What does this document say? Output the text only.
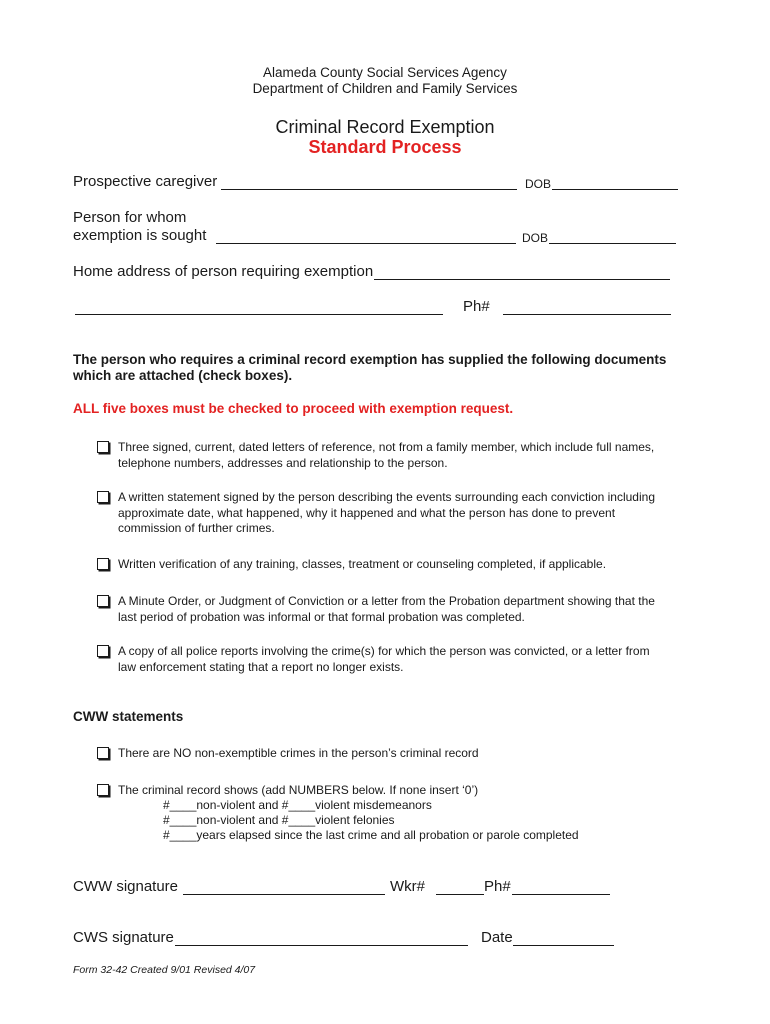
Alameda County Social Services Agency
Department of Children and Family Services
Criminal Record Exemption
Standard Process
Prospective caregiver	DOB
Person for whom
exemption is sought	DOB
Home address of person requiring exemption
Ph#
The person who requires a criminal record exemption has supplied the following documents
which are attached (check boxes).
ALL five boxes must be checked to proceed with exemption request.
Three signed, current, dated letters of reference, not from a family member, which include full names,
telephone numbers, addresses and relationship to the person.
A written statement signed by the person describing the events surrounding each conviction including
approximate date, what happened, why it happened and what the person has done to prevent
commission of further crimes.
Written verification of any training, classes, treatment or counseling completed, if applicable.
A Minute Order, or Judgment of Conviction or a letter from the Probation department showing that the
last period of probation was informal or that formal probation was completed.
A copy of all police reports involving the crime(s) for which the person was convicted, or a letter from
law enforcement stating that a report no longer exists.
CWW statements
There are NO non-exemptible crimes in the person’s criminal record
The criminal record shows (add NUMBERS below. If none insert ‘0’)
#____non-violent and #____violent misdemeanors
#____non-violent and #____violent felonies
#____years elapsed since the last crime and all probation or parole completed
CWW signature	Wkr#	Ph#
CWS signature	Date
Form 32-42 Created 9/01 Revised 4/07
